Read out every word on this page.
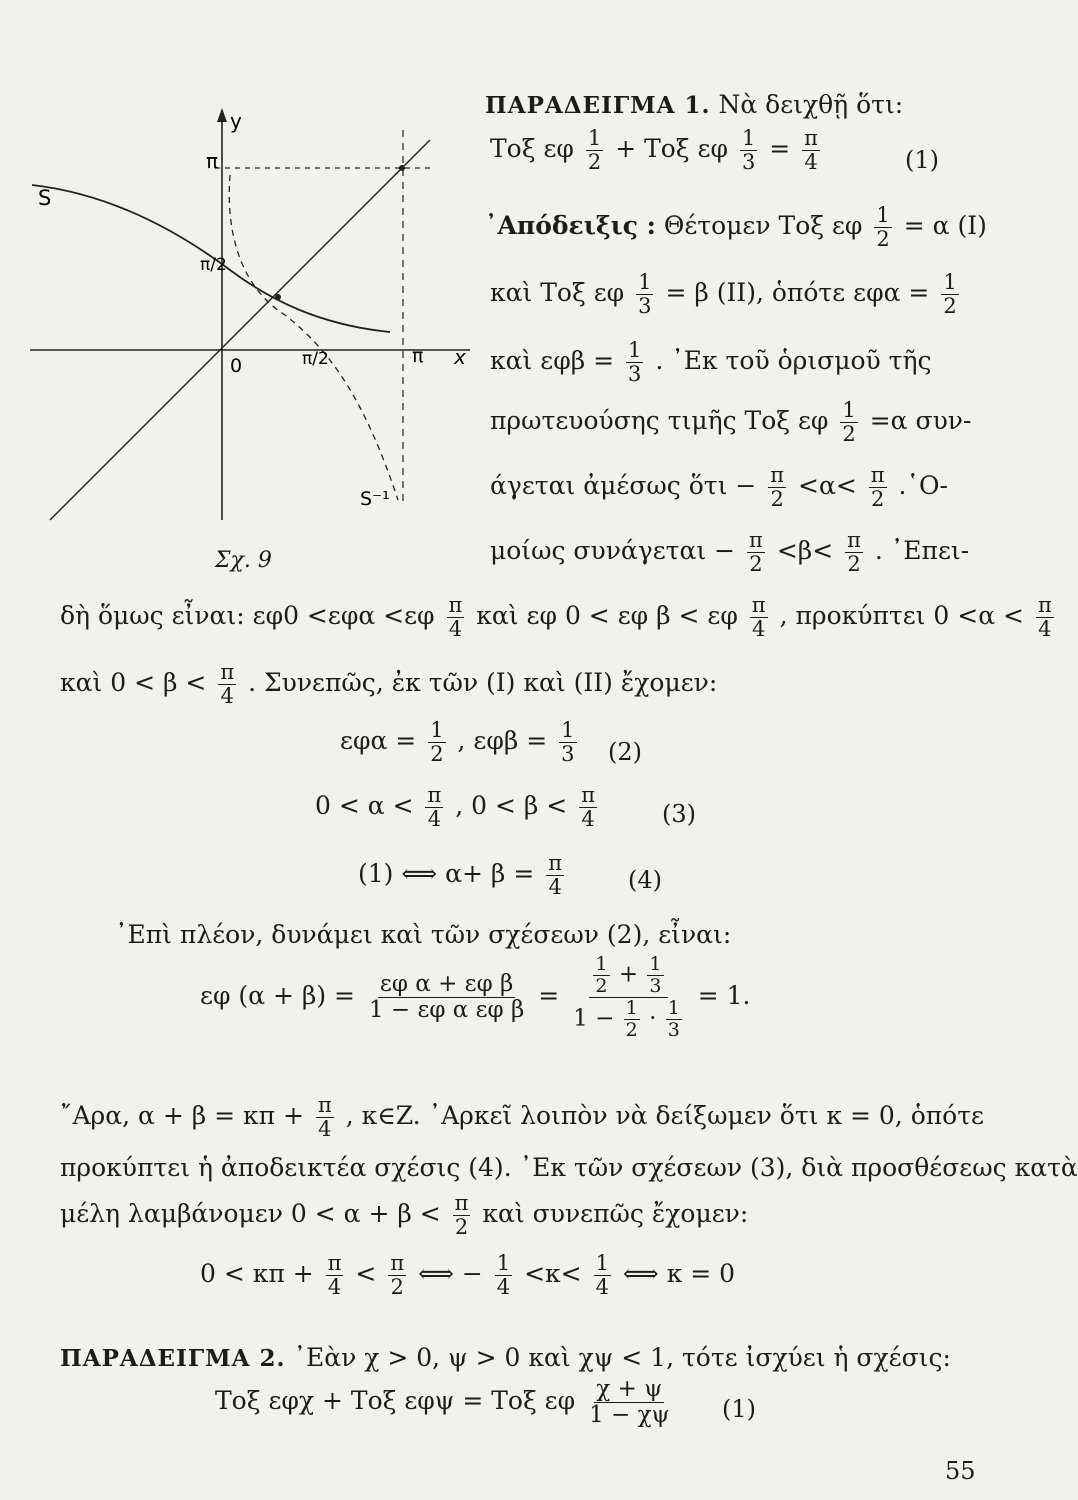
y
x
0
π
π
π/2
π/2
S
S⁻¹
Σχ. 9
ΠΑΡΑΔΕΙΓΜΑ 1. Νὰ δειχθῇ ὅτι:
Τοξ εφ $\frac{1}{2} + To\xi$ εφ $\frac{1}{3} = \frac{\pi}{4}$	(1)
᾿Απόδειξις : Θέτομεν Τοξ εφ $\frac{1}{2} = \alpha$ (Ι)
καὶ Τοξ εφ $\frac{1}{3} = \beta$ (ΙΙ), ὁπότε $\varepsilon\varphi\alpha = \frac{1}{2}$
καὶ $\varepsilon\varphi\beta = \frac{1}{3}$ . ᾿Εκ τοῦ ὁρισμοῦ τῆς
πρωτευούσης τιμῆς Τοξ εφ $\frac{1}{2} =\alpha$ συν-
άγεται ἀμέσως ὅτι − $\frac{\pi}{2} <\alpha< \frac{\pi}{2}$ .῾Ο-
μοίως $\sigma\upsilon\nu ά\gamma\varepsilon\tau\alpha\iota - \frac{\pi}{2} <\beta< \frac{\pi}{2}$ . ᾿Επει-
δὴ ὅμως εἶναι: $\varepsilon\varphi 0 <\varepsilon\varphi\alpha <\varepsilon\varphi \frac{\pi}{4}$ καὶ εφ 0 < εφ β < εφ $\frac{\pi}{4}$ , προκύπτει $0 <\alpha < \frac{\pi}{4}$
καὶ $0 < \beta < \frac{\pi}{4}$ . Συνεπῶς, ἐκ τῶν (Ι) καὶ (ΙΙ) ἔχομεν:
$\varepsilon\varphi\alpha = \frac{1}{2}$ , $\varepsilon\varphi\beta = \frac{1}{3} (2)$
$0 < \alpha < \frac{\pi}{4}$ , $0 < \beta < \frac{\pi}{4}$	(3)
(1) ⟺ $\alpha+ \beta = \frac{\pi}{4}$	(4)
᾿Επὶ πλέον, δυνάμει καὶ τῶν σχέσεων (2), εἶναι:
εφ $(\alpha + \beta) = \frac{\text{εφ α + εφ β}}{\text{1 − εφ α εφ β}} = \frac{\frac{1}{2} + \frac{1}{3}}{1 - \frac{1}{2} \cdot \frac{1}{3}} = 1$.
῎Αρα, $\alpha + \beta = \kappa\pi + \frac{\pi}{4}$ , κ∈Z. ᾿Αρκεῖ λοιπὸν νὰ δείξωμεν ὅτι κ = 0, ὁπότε
προκύπτει ἡ ἀποδεικτέα σχέσις (4). ᾿Εκ τῶν σχέσεων (3), διὰ προσθέσεως κατὰ
μέλη λαμβάνομεν $0 < \alpha + \beta < \frac{\pi}{2}$ καὶ συνεπῶς ἔχομεν:
$0 < \kappa\pi + \frac{\pi}{4} < \frac{\pi}{2}$ ⟺ − $\frac{1}{4} <\kappa< \frac{1}{4}$ ⟺ κ = 0
ΠΑΡΑΔΕΙΓΜΑ 2. ᾿Εὰν χ > 0, ψ > 0 καὶ χψ < 1, τότε ἰσχύει ἡ σχέσις:
Τοξ εφχ + Τοξ εφψ = Τοξ εφ $\frac{\chi + \psi}{1 - \chi\psi} (1)$
55
